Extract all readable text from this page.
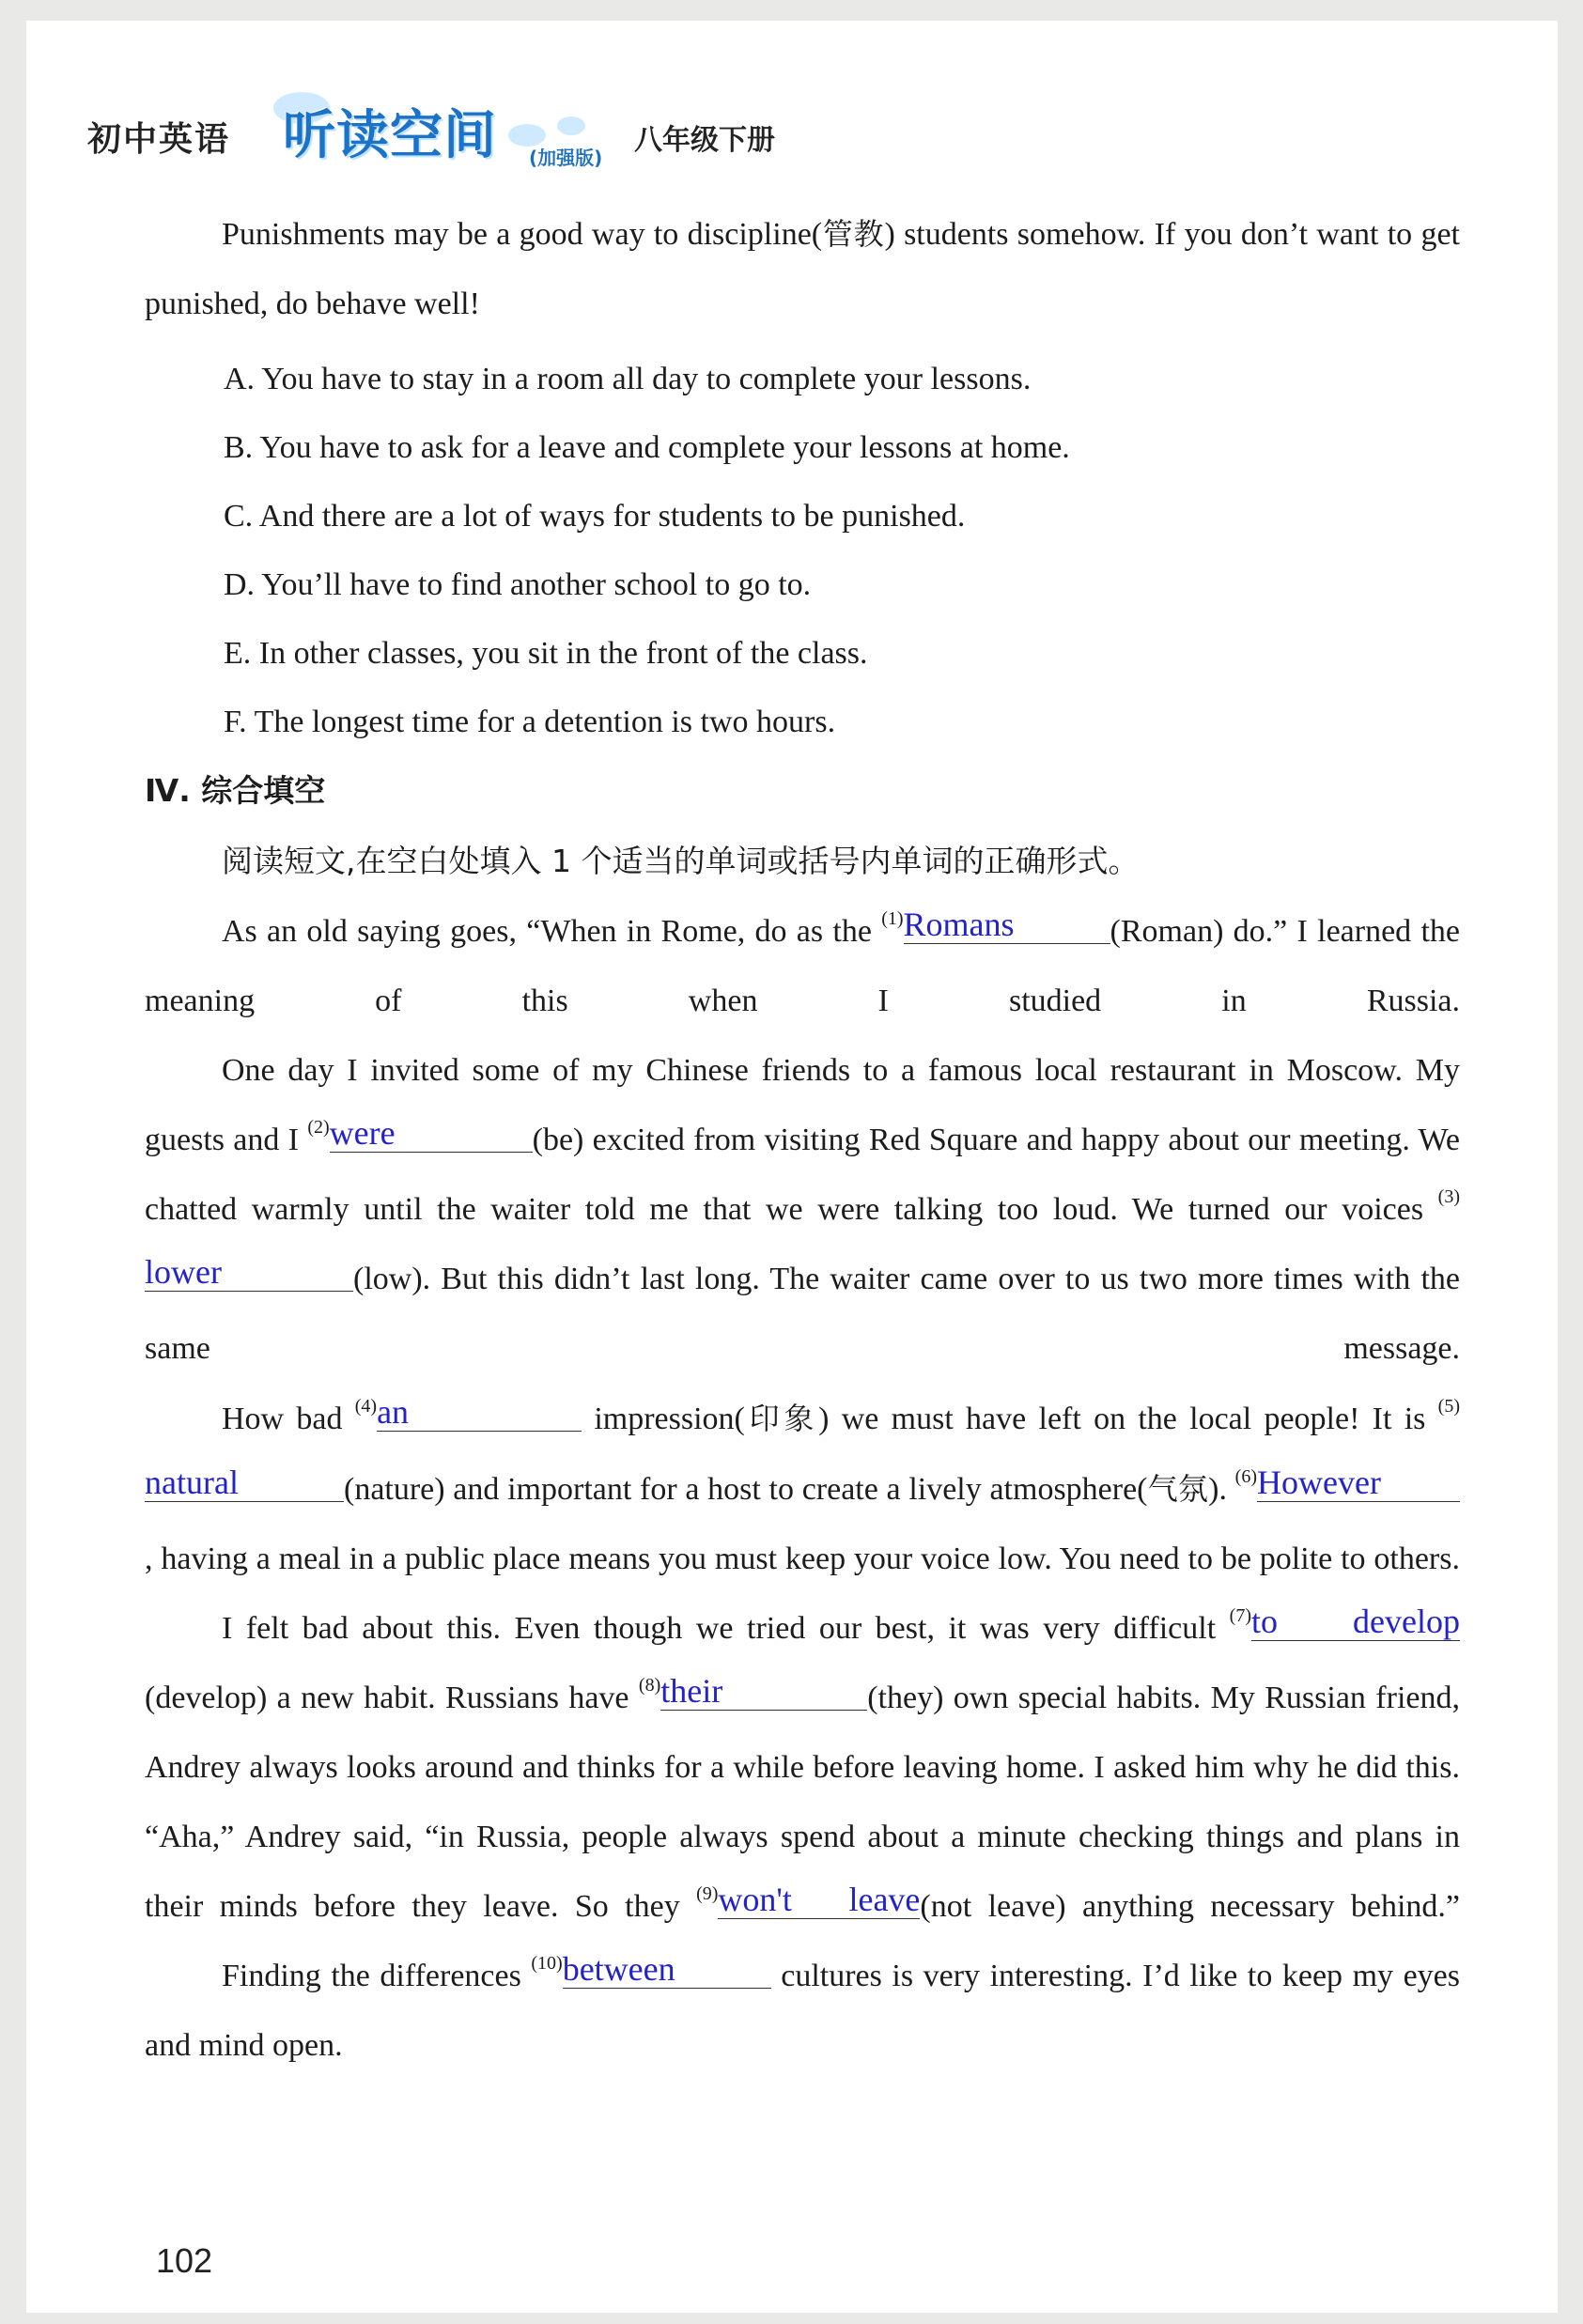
初中英语 听读空间 (加强版)
八年级下册

Punishments may be a good way to discipline(管教) students somehow. If you don’t want to get punished, do behave well!

A. You have to stay in a room all day to complete your lessons.

B. You have to ask for a leave and complete your lessons at home.

C. And there are a lot of ways for students to be punished.

D. You’ll have to find another school to go to.

E. In other classes, you sit in the front of the class.

F. The longest time for a detention is two hours.

Ⅳ. 综合填空

阅读短文,在空白处填入 1 个适当的单词或括号内单词的正确形式。

As an old saying goes, “When in Rome, do as the $^{(1)}$Romans	(Roman) do.” I learned the meaning of this when I studied in Russia.

One day I invited some of my Chinese friends to a famous local restaurant in Moscow. My guests and I $^{(2)}$were	(be) excited from visiting Red Square and happy about our meeting. We chatted warmly until the waiter told me that we were talking too loud. We turned our voices $^{(3)}$lower	(low). But this didn’t last long. The waiter came over to us two more times with the same message.

How bad $^{(4)}$an	impression(印象) we must have left on the local people! It is $^{(5)}$natural	(nature) and important for a host to create a lively atmosphere(气氛). $^{(6)}$However, having a meal in a public place means you must keep your voice low. You need to be polite to others.

I felt bad about this. Even though we tried our best, it was very difficult $^{(7)}$to develop(develop) a new habit. Russians have $^{(8)}$their	(they) own special habits. My Russian friend, Andrey always looks around and thinks for a while before leaving home. I asked him why he did this. “Aha,” Andrey said, “in Russia, people always spend about a minute checking things and plans in their minds before they leave. So they $^{(9)}$won't leave(not leave) anything necessary behind.”

Finding the differences $^{(10)}$between	cultures is very interesting. I’d like to keep my eyes and mind open.

102
